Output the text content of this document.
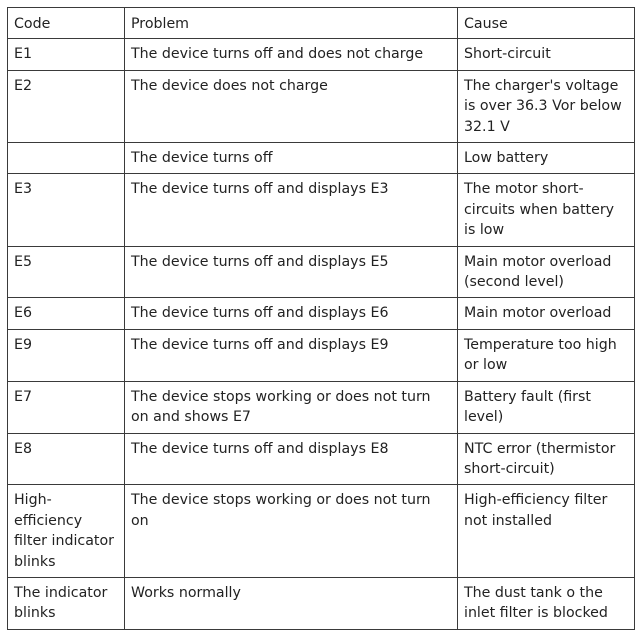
Code	Problem	Cause
E1	The device turns off and does not charge	Short-circuit
E2	The device does not charge	The charger's voltage is over 36.3 Vor below 32.1 V
	The device turns off	Low battery
E3	The device turns off and displays E3	The motor short-circuits when battery is low
E5	The device turns off and displays E5	Main motor overload (second level)
E6	The device turns off and displays E6	Main motor overload
E9	The device turns off and displays E9	Temperature too high or low
E7	The device stops working or does not turn on and shows E7	Battery fault (first level)
E8	The device turns off and displays E8	NTC error (thermistor short-circuit)
High-efficiency filter indicator blinks	The device stops working or does not turn on	High-efficiency filter not installed
The indicator blinks	Works normally	The dust tank o the inlet filter is blocked
